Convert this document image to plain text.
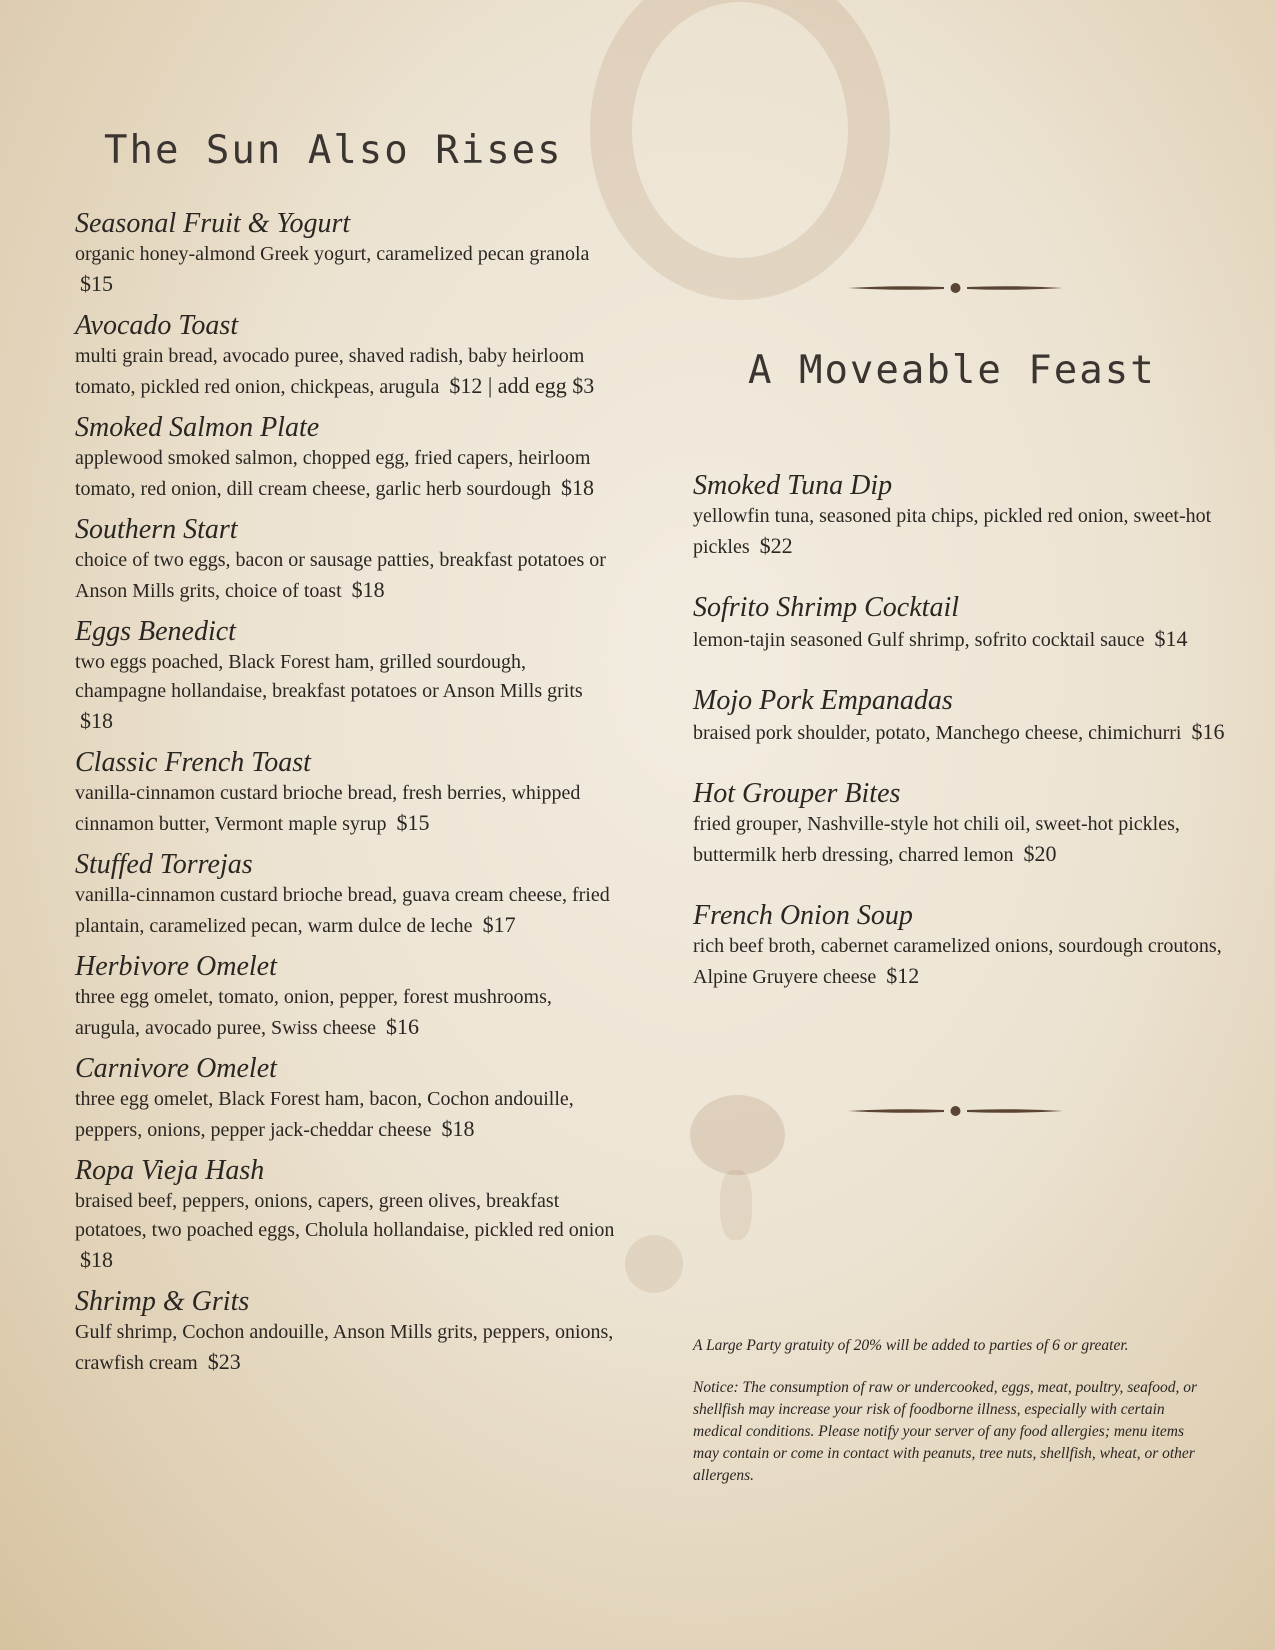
The Sun Also Rises
Seasonal Fruit & Yogurt
organic honey-almond Greek yogurt, caramelized pecan granola $15
Avocado Toast
multi grain bread, avocado puree, shaved radish, baby heirloom tomato, pickled red onion, chickpeas, arugula $12 | add egg $3
Smoked Salmon Plate
applewood smoked salmon, chopped egg, fried capers, heirloom tomato, red onion, dill cream cheese, garlic herb sourdough $18
Southern Start
choice of two eggs, bacon or sausage patties, breakfast potatoes or Anson Mills grits, choice of toast $18
Eggs Benedict
two eggs poached, Black Forest ham, grilled sourdough, champagne hollandaise, breakfast potatoes or Anson Mills grits $18
Classic French Toast
vanilla-cinnamon custard brioche bread, fresh berries, whipped cinnamon butter, Vermont maple syrup $15
Stuffed Torrejas
vanilla-cinnamon custard brioche bread, guava cream cheese, fried plantain, caramelized pecan, warm dulce de leche $17
Herbivore Omelet
three egg omelet, tomato, onion, pepper, forest mushrooms, arugula, avocado puree, Swiss cheese $16
Carnivore Omelet
three egg omelet, Black Forest ham, bacon, Cochon andouille, peppers, onions, pepper jack-cheddar cheese $18
Ropa Vieja Hash
braised beef, peppers, onions, capers, green olives, breakfast potatoes, two poached eggs, Cholula hollandaise, pickled red onion $18
Shrimp & Grits
Gulf shrimp, Cochon andouille, Anson Mills grits, peppers, onions, crawfish cream $23
A Moveable Feast
Smoked Tuna Dip
yellowfin tuna, seasoned pita chips, pickled red onion, sweet-hot pickles $22
Sofrito Shrimp Cocktail
lemon-tajin seasoned Gulf shrimp, sofrito cocktail sauce $14
Mojo Pork Empanadas
braised pork shoulder, potato, Manchego cheese, chimichurri $16
Hot Grouper Bites
fried grouper, Nashville-style hot chili oil, sweet-hot pickles, buttermilk herb dressing, charred lemon $20
French Onion Soup
rich beef broth, cabernet caramelized onions, sourdough croutons, Alpine Gruyere cheese $12

A Large Party gratuity of 20% will be added to parties of 6 or greater.

Notice: The consumption of raw or undercooked, eggs, meat, poultry, seafood, or shellfish may increase your risk of foodborne illness, especially with certain medical conditions. Please notify your server of any food allergies; menu items may contain or come in contact with peanuts, tree nuts, shellfish, wheat, or other allergens.
